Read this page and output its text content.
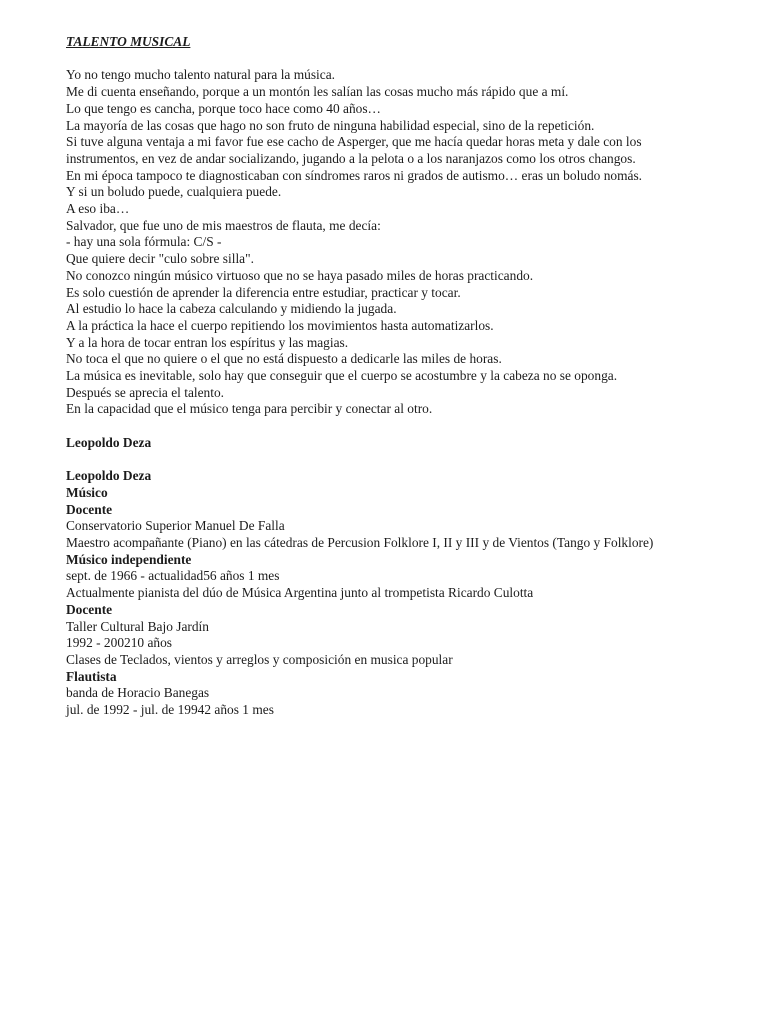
TALENTO MUSICAL
Yo no tengo mucho talento natural para la música.
Me di cuenta enseñando, porque a un montón les salían las cosas mucho más rápido que a mí.
Lo que tengo es cancha, porque toco hace como 40 años…
La mayoría de las cosas que hago no son fruto de ninguna habilidad especial, sino de la repetición.
Si tuve alguna ventaja a mi favor fue ese cacho de Asperger, que me hacía quedar horas meta y dale con los
instrumentos, en vez de andar socializando, jugando a la pelota o a los naranjazos como los otros changos.
En mi época tampoco te diagnosticaban con síndromes raros ni grados de autismo… eras un boludo nomás.
Y si un boludo puede, cualquiera puede.
A eso iba…
Salvador, que fue uno de mis maestros de flauta, me decía:
- hay una sola fórmula: C/S -
Que quiere decir "culo sobre silla".
No conozco ningún músico virtuoso que no se haya pasado miles de horas practicando.
Es solo cuestión de aprender la diferencia entre estudiar, practicar y tocar.
Al estudio lo hace la cabeza calculando y midiendo la jugada.
A la práctica la hace el cuerpo repitiendo los movimientos hasta automatizarlos.
Y a la hora de tocar entran los espíritus y las magias.
No toca el que no quiere o el que no está dispuesto a dedicarle las miles de horas.
La música es inevitable, solo hay que conseguir que el cuerpo se acostumbre y la cabeza no se oponga.
Después se aprecia el talento.
En la capacidad que el músico tenga para percibir y conectar al otro.
Leopoldo Deza
Leopoldo Deza
Músico
Docente
Conservatorio Superior Manuel De Falla
Maestro acompañante (Piano) en las cátedras de Percusion Folklore I, II y III y de Vientos (Tango y Folklore)
Músico independiente
sept. de 1966 - actualidad56 años 1 mes
Actualmente pianista del dúo de Música Argentina junto al trompetista Ricardo Culotta
Docente
Taller Cultural Bajo Jardín
1992 - 200210 años
Clases de Teclados, vientos y arreglos y composición en musica popular
Flautista
banda de Horacio Banegas
jul. de 1992 - jul. de 19942 años 1 mes
